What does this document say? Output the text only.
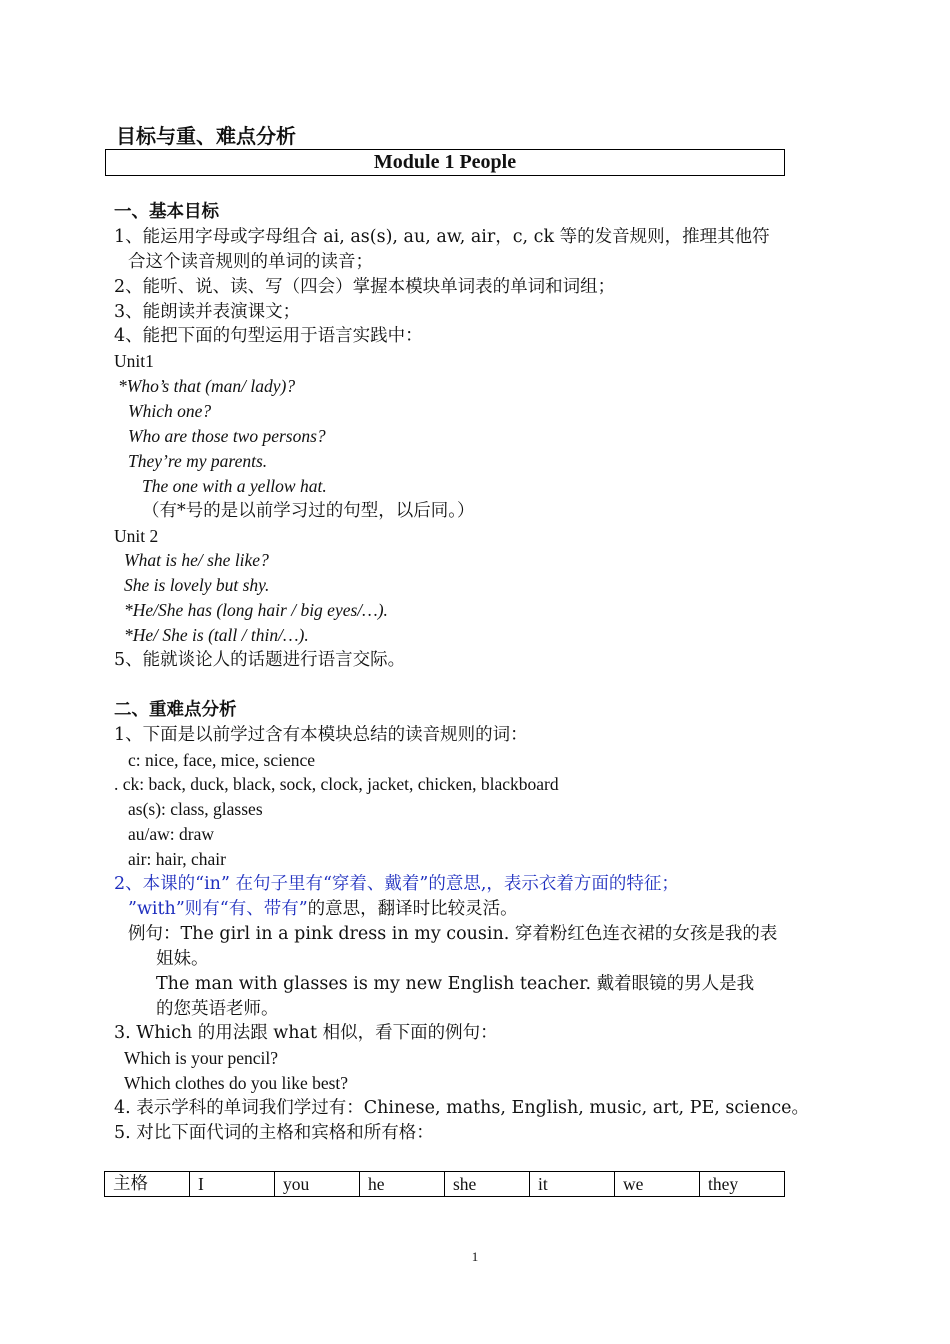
目标与重、难点分析
Module 1 People
一、基本目标
1、能运用字母或字母组合 ai, as(s), au, aw, air，c, ck 等的发音规则，推理其他符
合这个读音规则的单词的读音；
2、能听、说、读、写（四会）掌握本模块单词表的单词和词组；
3、能朗读并表演课文；
4、能把下面的句型运用于语言实践中：
Unit1
*Who’s that (man/ lady)?
Which one?
Who are those two persons?
They’re my parents.
The one with a yellow hat.
（有*号的是以前学习过的句型，以后同。）
Unit 2
What is he/ she like?
She is lovely but shy.
*He/She has (long hair / big eyes/…).
*He/ She is (tall / thin/…).
5、能就谈论人的话题进行语言交际。
二、重难点分析
1、下面是以前学过含有本模块总结的读音规则的词：
c: nice, face, mice, science
. ck: back, duck, black, sock, clock, jacket, chicken, blackboard
as(s): class, glasses
au/aw: draw
air: hair, chair
2、本课的“in” 在句子里有“穿着、戴着”的意思,，表示衣着方面的特征；
”with”则有“有、带有”的意思，翻译时比较灵活。
例句：The girl in a pink dress in my cousin. 穿着粉红色连衣裙的女孩是我的表
姐妹。
The man with glasses is my new English teacher. 戴着眼镜的男人是我
的您英语老师。
3. Which 的用法跟 what 相似，看下面的例句：
Which is your pencil?
Which clothes do you like best?
4. 表示学科的单词我们学过有：Chinese, maths, English, music, art, PE, science。
5. 对比下面代词的主格和宾格和所有格：
主格	I	you	he	she	it	we	they
1
